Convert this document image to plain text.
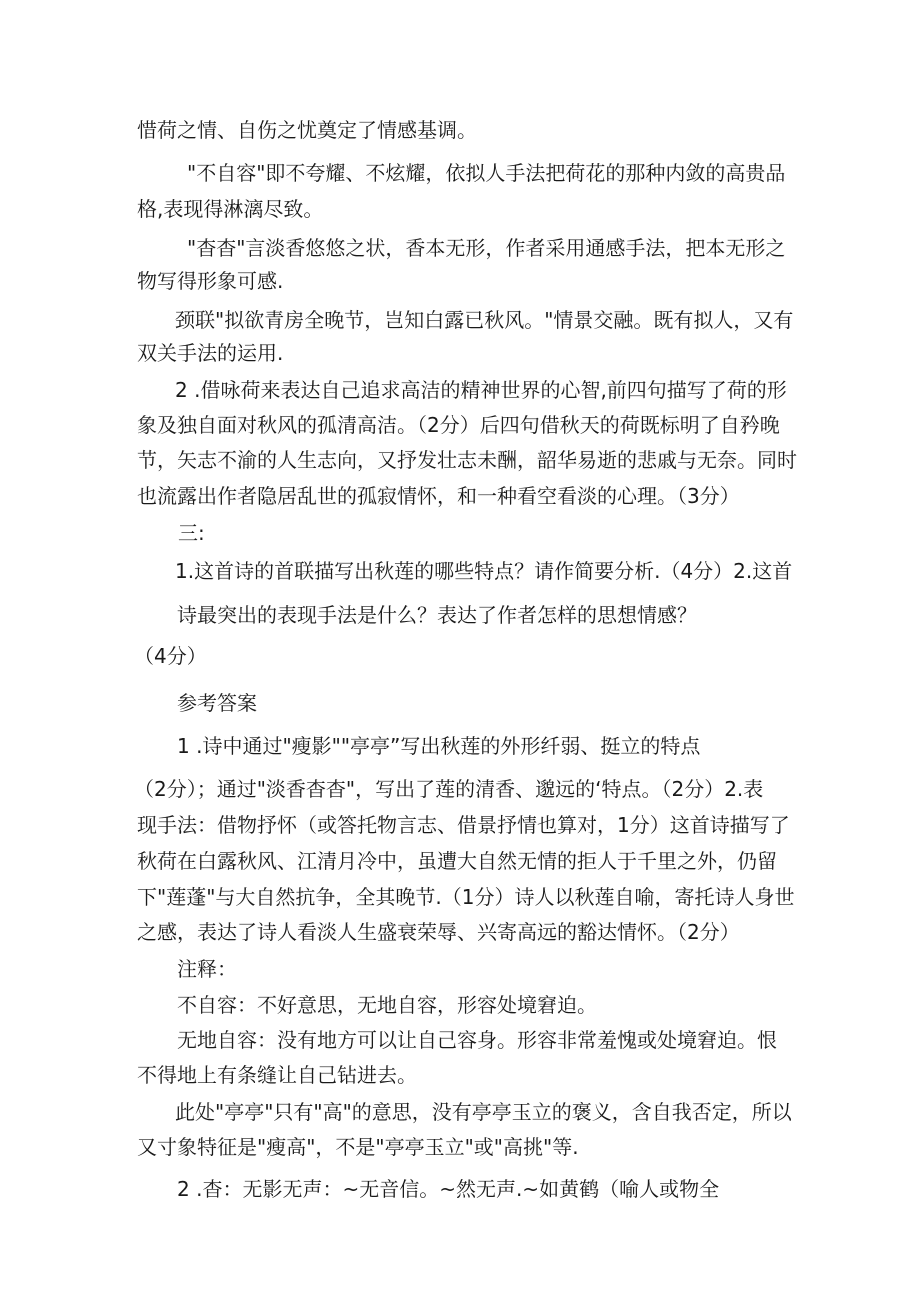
惜荷之情、自伤之忧奠定了情感基调。
"不自容"即不夸耀、不炫耀，依拟人手法把荷花的那种内敛的高贵品
格,表现得淋漓尽致。
"杳杳"言淡香悠悠之状，香本无形，作者采用通感手法，把本无形之
物写得形象可感.
颈联"拟欲青房全晚节，岂知白露已秋风。"情景交融。既有拟人，又有
双关手法的运用.
2 .借咏荷来表达自己追求高洁的精神世界的心智,前四句描写了荷的形
象及独自面对秋风的孤清高洁。（2分）后四句借秋天的荷既标明了自矜晚
节，矢志不渝的人生志向，又抒发壮志未酬，韶华易逝的悲戚与无奈。同时
也流露出作者隐居乱世的孤寂情怀，和一种看空看淡的心理。（3分）
三:
1.这首诗的首联描写出秋莲的哪些特点？请作简要分析.（4分）2.这首
诗最突出的表现手法是什么？表达了作者怎样的思想情感？
（4分）
参考答案
1 .诗中通过"瘦影""亭亭”写出秋莲的外形纤弱、挺立的特点
（2分）；通过"淡香杳杳"，写出了莲的清香、邈远的‘特点。（2分）2.表
现手法：借物抒怀（或答托物言志、借景抒情也算对，1分）这首诗描写了
秋荷在白露秋风、江清月冷中，虽遭大自然无情的拒人于千里之外，仍留
下"莲蓬"与大自然抗争，全其晚节.（1分）诗人以秋莲自喻，寄托诗人身世
之感，表达了诗人看淡人生盛衰荣辱、兴寄高远的豁达情怀。（2分）
注释：
不自容：不好意思，无地自容，形容处境窘迫。
无地自容：没有地方可以让自己容身。形容非常羞愧或处境窘迫。恨
不得地上有条缝让自己钻进去。
此处"亭亭"只有"高"的意思，没有亭亭玉立的褒义，含自我否定，所以
又寸象特征是"瘦高"，不是"亭亭玉立"或"高挑"等.
2 .杳：无影无声：~无音信。~然无声.~如黄鹤（喻人或物全
